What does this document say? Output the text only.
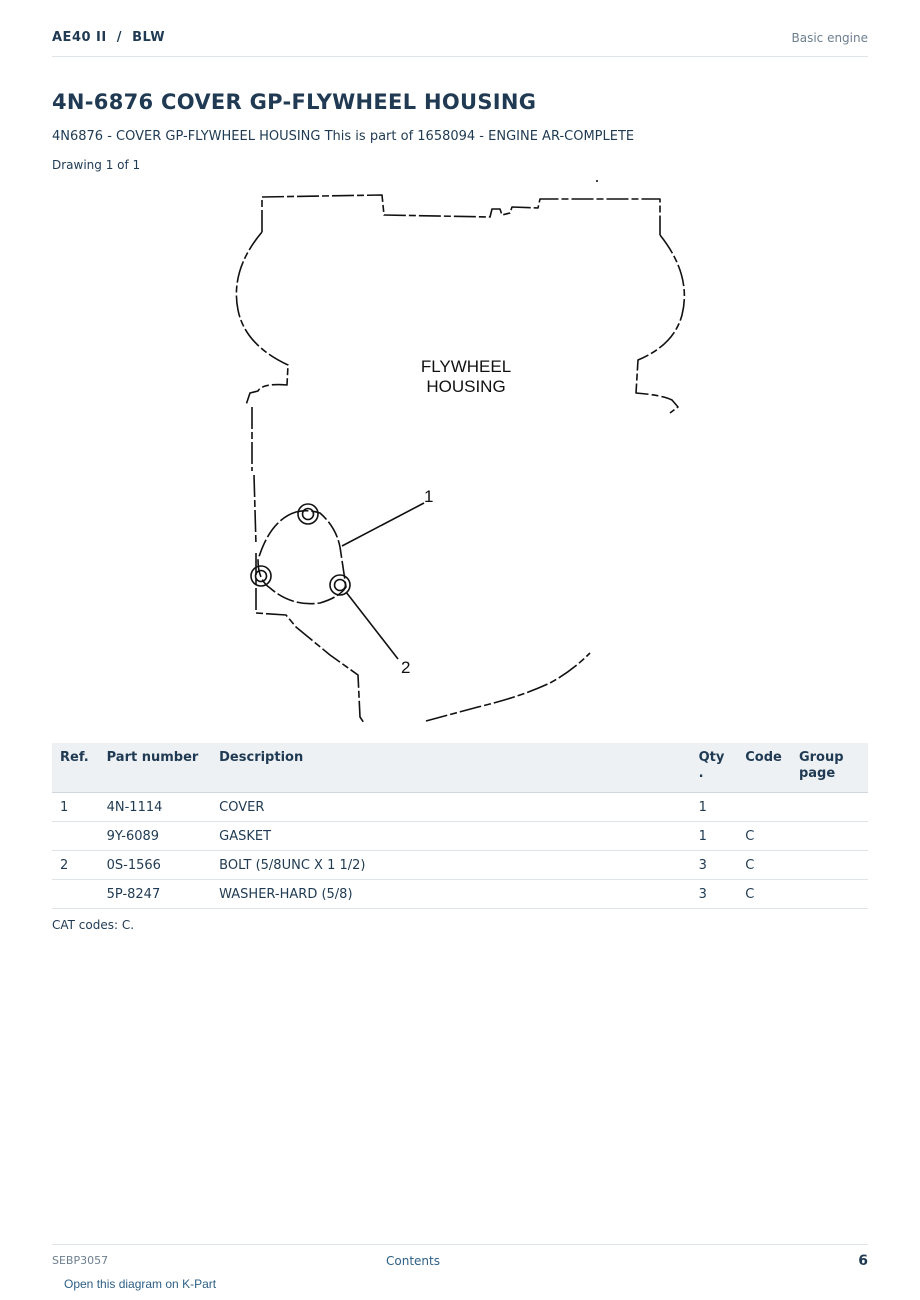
AE40 II  /  BLW	Basic engine
4N-6876 COVER GP-FLYWHEEL HOUSING
4N6876 - COVER GP-FLYWHEEL HOUSING This is part of 1658094 - ENGINE AR-COMPLETE
Drawing 1 of 1
FLYWHEEL
HOUSING
1
2
Ref.	Part number	Description	Qty .	Code	Group page
1	4N-1114	COVER	1		
	9Y-6089	GASKET	1	C	
2	0S-1566	BOLT (5/8UNC X 1 1/2)	3	C	
	5P-8247	WASHER-HARD (5/8)	3	C	
CAT codes: C.
SEBP3057	Contents	6
Open this diagram on K-Part
